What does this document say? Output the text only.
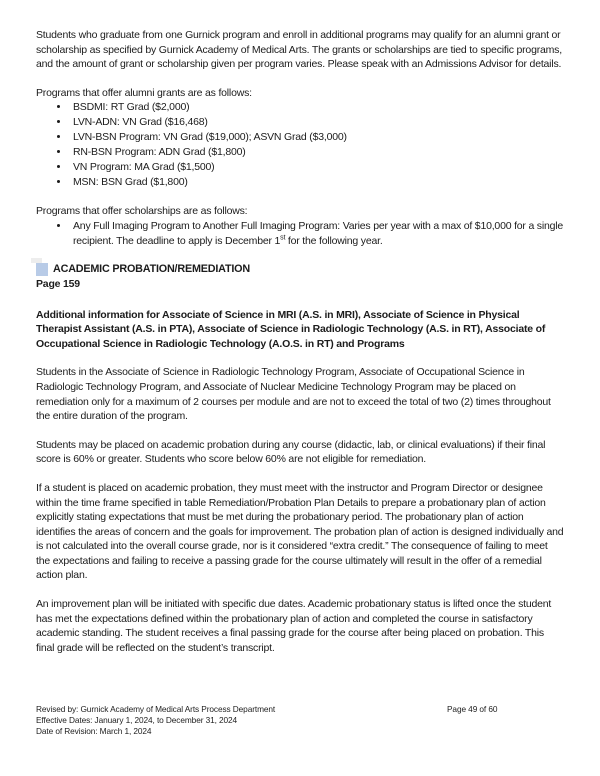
Students who graduate from one Gurnick program and enroll in additional programs may qualify for an alumni grant or scholarship as specified by Gurnick Academy of Medical Arts. The grants or scholarships are tied to specific programs, and the amount of grant or scholarship given per program varies. Please speak with an Admissions Advisor for details.

Programs that offer alumni grants are as follows:

• BSDMI: RT Grad ($2,000)
• LVN-ADN: VN Grad ($16,468)
• LVN-BSN Program: VN Grad ($19,000); ASVN Grad ($3,000)
• RN-BSN Program: ADN Grad ($1,800)
• VN Program: MA Grad ($1,500)
• MSN: BSN Grad ($1,800)

Programs that offer scholarships are as follows:

• Any Full Imaging Program to Another Full Imaging Program: Varies per year with a max of $10,000 for a single recipient. The deadline to apply is December 1st for the following year.
ACADEMIC PROBATION/REMEDIATION
Page 159

Additional information for Associate of Science in MRI (A.S. in MRI), Associate of Science in Physical Therapist Assistant (A.S. in PTA), Associate of Science in Radiologic Technology (A.S. in RT), Associate of Occupational Science in Radiologic Technology (A.O.S. in RT) and Programs

Students in the Associate of Science in Radiologic Technology Program, Associate of Occupational Science in Radiologic Technology Program, and Associate of Nuclear Medicine Technology Program may be placed on remediation only for a maximum of 2 courses per module and are not to exceed the total of two (2) times throughout the entire duration of the program.

Students may be placed on academic probation during any course (didactic, lab, or clinical evaluations) if their final score is 60% or greater. Students who score below 60% are not eligible for remediation.

If a student is placed on academic probation, they must meet with the instructor and Program Director or designee within the time frame specified in table Remediation/Probation Plan Details to prepare a probationary plan of action explicitly stating expectations that must be met during the probationary period. The probationary plan of action identifies the areas of concern and the goals for improvement. The probation plan of action is designed individually and is not calculated into the overall course grade, nor is it considered “extra credit.” The consequence of failing to meet the expectations and failing to receive a passing grade for the course ultimately will result in the offer of a remedial action plan.

An improvement plan will be initiated with specific due dates. Academic probationary status is lifted once the student has met the expectations defined within the probationary plan of action and completed the course in satisfactory academic standing. The student receives a final passing grade for the course after being placed on probation. This final grade will be reflected on the student’s transcript.

Revised by: Gurnick Academy of Medical Arts Process Department
Effective Dates: January 1, 2024, to December 31, 2024
Date of Revision: March 1, 2024
Page 49 of 60
